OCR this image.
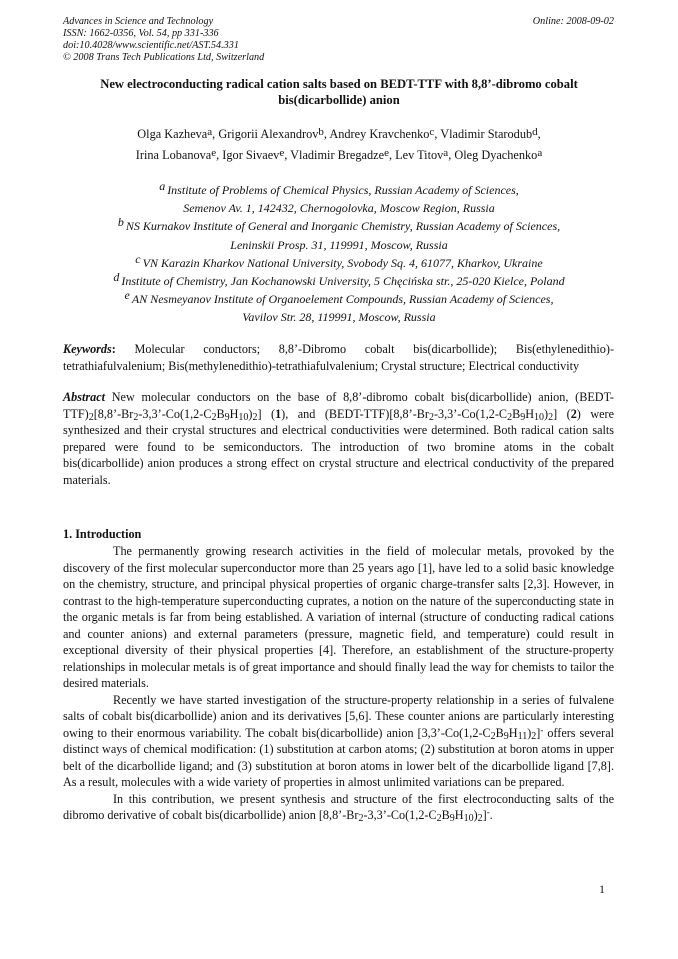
Advances in Science and Technology
ISSN: 1662-0356, Vol. 54, pp 331-336
doi:10.4028/www.scientific.net/AST.54.331
© 2008 Trans Tech Publications Ltd, Switzerland
Online: 2008-09-02
New electroconducting radical cation salts based on BEDT-TTF with 8,8’-dibromo cobalt
bis(dicarbollide) anion
Olga Kazheva$^a$, Grigorii Alexandrov$^b$, Andrey Kravchenko$^c$, Vladimir Starodub$^d$,
Irina Lobanova$^e$, Igor Sivaev$^e$, Vladimir Bregadze$^e$, Lev Titov$^a$, Oleg Dyachenko$^a$
$^a$ Institute of Problems of Chemical Physics, Russian Academy of Sciences,
Semenov Av. 1, 142432, Chernogolovka, Moscow Region, Russia
$^b$ NS Kurnakov Institute of General and Inorganic Chemistry, Russian Academy of Sciences,
Leninskii Prosp. 31, 119991, Moscow, Russia
$^c$ VN Karazin Kharkov National University, Svobody Sq. 4, 61077, Kharkov, Ukraine
$^d$ Institute of Chemistry, Jan Kochanowski University, 5 Chęcińska str., 25-020 Kielce, Poland
$^e$ AN Nesmeyanov Institute of Organoelement Compounds, Russian Academy of Sciences,
Vavilov Str. 28, 119991, Moscow, Russia
Keywords: Molecular conductors; 8,8’-Dibromo cobalt bis(dicarbollide); Bis(ethylenedithio)-tetrathiafulvalenium; Bis(methylenedithio)-tetrathiafulvalenium; Crystal structure; Electrical conductivity
Abstract New molecular conductors on the base of 8,8’-dibromo cobalt bis(dicarbollide) anion, $(BEDT-TTF)_2[8,8’-Br_2-3,3’-Co(1,2-C_2B_9H_{10})_2]$ (1), and $(BEDT-TTF)[8,8’-Br_2-3,3’-Co(1,2-C_2B_9H_{10})_2]$ (2) were synthesized and their crystal structures and electrical conductivities were determined. Both radical cation salts prepared were found to be semiconductors. The introduction of two bromine atoms in the cobalt bis(dicarbollide) anion produces a strong effect on crystal structure and electrical conductivity of the prepared materials.
1. Introduction

The permanently growing research activities in the field of molecular metals, provoked by the discovery of the first molecular superconductor more than 25 years ago [1], have led to a solid basic knowledge on the chemistry, structure, and principal physical properties of organic charge-transfer salts [2,3]. However, in contrast to the high-temperature superconducting cuprates, a notion on the nature of the superconducting state in the organic metals is far from being established. A variation of internal (structure of conducting radical cations and counter anions) and external parameters (pressure, magnetic field, and temperature) could result in exceptional diversity of their physical properties [4]. Therefore, an establishment of the structure-property relationships in molecular metals is of great importance and should finally lead the way for chemists to tailor the desired materials.

Recently we have started investigation of the structure-property relationship in a series of fulvalene salts of cobalt bis(dicarbollide) anion and its derivatives [5,6]. These counter anions are particularly interesting owing to their enormous variability. The cobalt bis(dicarbollide) anion $[3,3’-Co(1,2-C_2B_9H_{11})_2]^-$ offers several distinct ways of chemical modification: (1) substitution at carbon atoms; (2) substitution at boron atoms in upper belt of the dicarbollide ligand; and (3) substitution at boron atoms in lower belt of the dicarbollide ligand [7,8]. As a result, molecules with a wide variety of properties in almost unlimited variations can be prepared.

In this contribution, we present synthesis and structure of the first electroconducting salts of the dibromo derivative of cobalt bis(dicarbollide) anion $[8,8’-Br_2-3,3’-Co(1,2-C_2B_9H_{10})_2]^-$.

1
